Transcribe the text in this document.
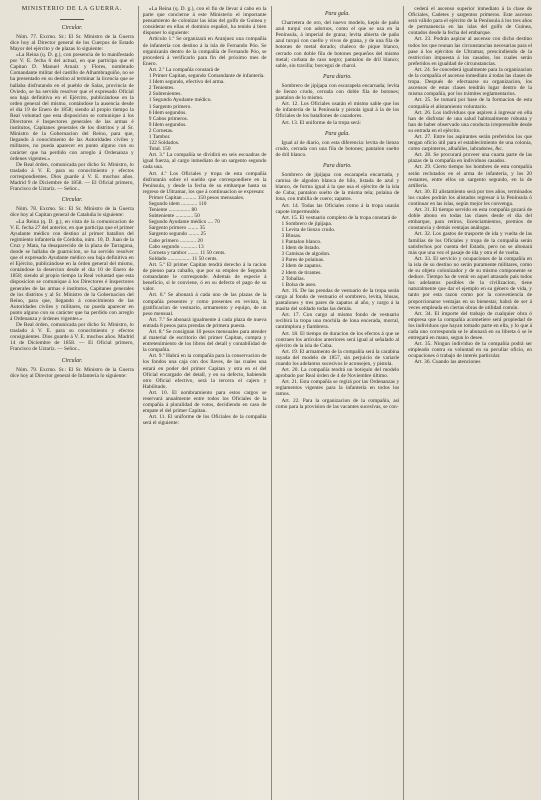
MINISTERIO DE LA GUERRA.
Circular.

Núm. 77. Excmo. Sr.: El Sr. Ministro de la Guerra dice hoy al Director general de los Cuerpos de Estado Mayor del ejército y de plazas lo siguiente:

«La Reina (q. D. g.), con presencia de lo manifestado por V. E. fecha 6 del actual, en que participa que el Capitan D. Manuel Arnaiz y Flores, nombrado Comandante militar del castillo de Alhambraguiño, no se ha presentado en su destino al terminar la licencia que se hallaba disfrutando en el pueblo de Salas, provincia de Oviedo, se ha servido resolver que el expresado Oficial sea baja definitiva en el Ejército, publicándose en la orden general del mismo, contándose la ausencia desde el dia 19 de Enero de 1858; siendo al propio tiempo la Real voluntad que esta disposicion se comunique á los Directores é Inspectores generales de las armas é institutos, Capitanes generales de los distritos y al Sr. Ministro de la Gobernacion del Reino, para que, llegando á conocimiento de las Autoridades civiles y militares, no pueda aparecer en punto alguno con su carácter que ha perdido con arreglo á Ordenanza y órdenes vigentes.»

De Real órden, comunicada por dicho Sr. Ministro, lo traslado á V. E. para su conocimiento y efectos correspondientes. Dios guarde á V. E. muchos años. Madrid 9 de Diciembre de 1858. — El Oficial primero, Francisco de Uztariz. — Señor...

Circular.

Núm. 78. Excmo. Sr.: El Sr. Ministro de la Guerra dice hoy al Capitan general de Cataluña lo siguiente:

«La Reina (q. D. g.), en vista de la comunicacion de V. E. fecha 27 del anterior, en que participa que el primer Ayudante médico con destino al primer batallon del regimiento infantería de Córdoba, núm. 10, D. Juan de la Cruz y Mata, ha desaparecido de la plaza de Tarragona, donde se hallaba de guarnicion, se ha servido resolver que el expresado Ayudante médico sea baja definitiva en el Ejército, publicándose en la órden general del mismo, contándose la desercion desde el dia 10 de Enero de 1858; siendo al propio tiempo la Real voluntad que esta disposicion se comunique á los Directores é Inspectores generales de las armas é institutos, Capitanes generales de los distritos y al Sr. Ministro de la Gobernacion del Reino, para que, llegando á conocimiento de las Autoridades civiles y militares, no pueda aparecer en punto alguno con su carácter que ha perdido con arreglo á Ordenanza y órdenes vigentes.»

De Real órden, comunicada por dicho Sr. Ministro, lo traslado á V. E. para su conocimiento y efectos consiguientes. Dios guarde á V. E. muchos años. Madrid 14 de Diciembre de 1858. — El Oficial primero, Francisco de Uztariz. — Señor...

Circular.

Núm. 79. Excmo. Sr.: El Sr. Ministro de la Guerra dice hoy al Director general de Infantería lo siguiente:

«La Reina (q. D. g.), con el fin de llevar á cabo en la parte que concierne á este Ministerio el importante pensamiento de colonizar las islas del golfo de Guinea y considerar en ellas el dominio español, ha tenido á bien disponer lo siguiente:

Artículo 1.º Se organizará en Aranjuez una compañía de infantería con destino á la isla de Fernando Póo. Se organizarán dentro de la compañía de Fernando Póo, se procederá á verificarlo para fin del próximo mes de Enero.

Art. 2.º La compañía constará de

1 Primer Capitan, segundo Comandante de infantería.

1 Idem segundo, efectivo del arma.

2 Tenientes.

2 Subtenientes.

1 Segundo Ayudante médico.

1 Sargento primero.

6 Idem segundos.

9 Cabos primeros.

9 Idem segundos.

2 Cornetas.

1 Tambor.

122 Soldados.

Total. 150

Art. 3.º La compañía se dividirá en seis escuadras de igual fuerza, al cargo inmediato de un sargento segundo cada una.

Art. 4.º Los Oficiales y tropa de esta compañía disfrutarán sobre el sueldo que correspondiere en la Península, y desde la fecha de su embarque hasta su regreso de Ultramar, los que á continuacion se expresan:

Primer Capitan .......... 150 pesos mensuales.

Segundo idem ............ 110

Teniente ................ 80

Subteniente ............. 50

Segundo Ayudante médico .... 70

Sargento primero ........ 35

Sargento segundo ........ 25

Cabo primero ............ 20

Cabo segundo ............ 13

Corneta y tambor ........ 11 50 cents.

Soldado ................. 11 50 cents.

Art. 5.º El primer Capitan tendrá derecho á la racion de pienso para caballo, que por su empleo de Segundo comandante le corresponde. Además de especie á beneficio, si le conviene, ó en su defecto el pago de su valor.

Art. 6.º Se abonará á cada uno de las plazas de la compañía presentes y como presentes en revista, la gratificacion de vestuario, armamento y equipo, de un peso mensual.

Art. 7.º Se abonará igualmente á cada plaza de nueva entrada 8 pesos para prendas de primera puesta.

Art. 8.º Se consignan 10 pesos mensuales para atender al material de escritorio del primer Capitan, compra y entretenimiento de los libros del detall y contabilidad de la compañía.

Art. 9.º Habrá en la compañía para la conservacion de los fondos una caja con dos llaves, de las cuales una estará en poder del primer Capitan y otra en el del Oficial encargado del detall, y en su defecto, habiendo otro Oficial efectivo, será la tercera el cajero y Habilitado.

Art. 10. El nombramiento para estos cargos se reservará anualmente entre todos los Oficiales de la compañía á pluralidad de votos, decidiendo en caso de empate el del primer Capitan.

Art. 11. El uniforme de los Oficiales de la compañía será el siguiente:

Para gala.

Charretera de oro, del nuevo modelo, kepis de paño azul turquí con adornos, como el que se usa en la Península, á imperial de grana; levita abierta de paño azul turquí con cuello y vivos de grana, y de una fila de botones de metal dorado; chaleco de pique blanco, cerrado con doble fila de botones pequeños del mismo metal; corbata de raso negro; pantalon de dril blanco; sable, sin travilla; borceguí de charol.

Para diario.

Sombrero de jipijapa con escarapela encarnada; levita de lienzo crudo, cerrada con doble fila de botones; pantalon de lo mismo.

Art. 12. Los Oficiales usarán el mismo sable que los de infantería de la Península y pistola igual á la de los Oficiales de los batallones de cazadores.

Art. 13. El uniforme de la tropa será:

Para gala.

Igual al de diario, con esta diferencia: levita de lienzo crudo, cerrada con una fila de botones; pantalon suelto de dril blanco.

Para diario.

Sombrero de jipijapa con escarapela encarnada, y camisa de algodon blanca de hilo, listada de azul y blanco, de forma igual á la que usa el ejército de la isla de Cuba; pantalon suelto de la misma tela; polaina de lona, con trabilla de cuero; zapatos.

Art. 14. Todas las Oficiales como á la tropa usarán capote impermeable.

Art. 15. El vestuario completo de la tropa constará de

1 Sombrero de jipijapa.

1 Levita de lienzo crudo.

3 Blusas.

1 Pantalon blanco.

1 Idem de listado.

3 Camisas de algodon.

3 Pares de polainas.

2 Idem de zapatos.

2 Idem de tirantes.

2 Toballas.

1 Bolsa de aseo.

Art. 16. De las prendas de vestuario de la tropa serán cargo al fondo de vestuario el sombrero, levita, blusas, pantalones y tres pares de zapatos al año, y cargo á la masita del soldado todas las demás.

Art. 17. Con cargo al mismo fondo de vestuario recibirá la tropa una mochila de lona encerada, morral, cantimplora y fiambrera.

Art. 18. El tiempo de duracion de los efectos á que se contraen los artículos anteriores será igual al señalado al ejército de la isla de Cuba.

Art. 19. El armamento de la compañía será la carabina rayada del modelo de 1857, sin perjuicio de variarle cuando los adelantos sucesivos le aconsejen, y pistola.

Art. 20. La compañía tendrá un botiquin del modelo aprobado por Real órden de 4 de Noviembre último.

Art. 21. Esta compañía se regirá por las Ordenanzas y reglamentos vigentes para la infantería en todos los ramos.

Art. 22. Para la organizacion de la compañía, así como para la provision de las vacantes sucesivas, se con-

cederá el ascenso superior inmediato á la clase de Oficiales, Cadetes y sargentos primeros. Este ascenso será válido para el ejército de la Península á los tres años de permanencia en las islas del golfo de Guinea, contados desde la fecha del embarque.

Art. 23. Podrán aspirar al ascenso con dicho destino todos los que reunan las circunstancias necesarias para el pase á los ejércitos de Ultramar, prescindiendo de la restriccion impuesta á los casados, los cuales serán preferidos en igualdad de circunstancias.

Art. 24. Se concederá igualmente para la organizacion de la compañía el ascenso inmediato á todas las clases de tropa. Después de efectuarse su organizacion, los ascensos de estas clases tendrán lugar dentro de la misma compañía, por los trámites reglamentarios.

Art. 25. Se tomará por base de la formacion de esta compañía el alistamiento voluntario.

Art. 26. Los individuos que aspiren á ingresar en ella han de disfrutar de una salud habitualmente robusta y han de haber observado una conducta irreprensible desde su entrada en el ejército.

Art. 27. Entre los aspirantes serán preferidos los que tengan oficio útil para el establecimiento de una colonia, como carpinteros, albañiles, labradores, &c.

Art. 28. Se procurará proveer una cuarta parte de las plazas de la compañía en individuos casados.

Art. 29. Cierto tiempo los hombres de esta compañía serán reclutados en el arma de infantería, y los 20 restantes, entre ellos un sargento segundo, en la de artillería.

Art. 30. El alistamiento será por tres años, terminados los cuales podrán los alistados regresar á la Península ó continuar en las islas, según mejor les convenga.

Art. 31. El tiempo servido en esta compañía gozará de doble abono en todas las clases desde el dia del embarque, para retiros, licenciamientos, premios de constancia y demás ventajas análogas.

Art. 32. Los gastos de trasporte de ida y vuelta de las familias de los Oficiales y tropa de la compañía serán satisfechos por cuenta del Estado, pero no se abonará más que una vez el pasaje de ida y otra el de vuelta.

Art. 33. El servicio y ocupaciones de la compañía en la isla de su destino no serán puramente militares, como de su objeto colonizador y de su mismo componente se deduce. Tiempo ha de venir en aquel atrasado país todos los adelantos posibles de la civilizacion, tiene naturalmente que dar el ejemplo en su género de vida, y tanto por esta razon como por la conveniencia de proporcionarse ventajas en su bienestar, habrá de ser á veces empleada en ciertas obras de utilidad común.

Art. 34. El importe del trabajo de cualquier obra ó empresa que la compañía acometiere será propiedad de los individuos que hayan tomado parte en ella, y lo que á cada uno corresponda se le abonará en su libreta ó se le entregará en mano, segun lo desee.

Art. 35. Ningun individuo de la compañía podrá ser empleado contra su voluntad en su peculiar oficio, en ocupaciones ó trabajo de interés particular.

Art. 36. Cuando las atenciones
